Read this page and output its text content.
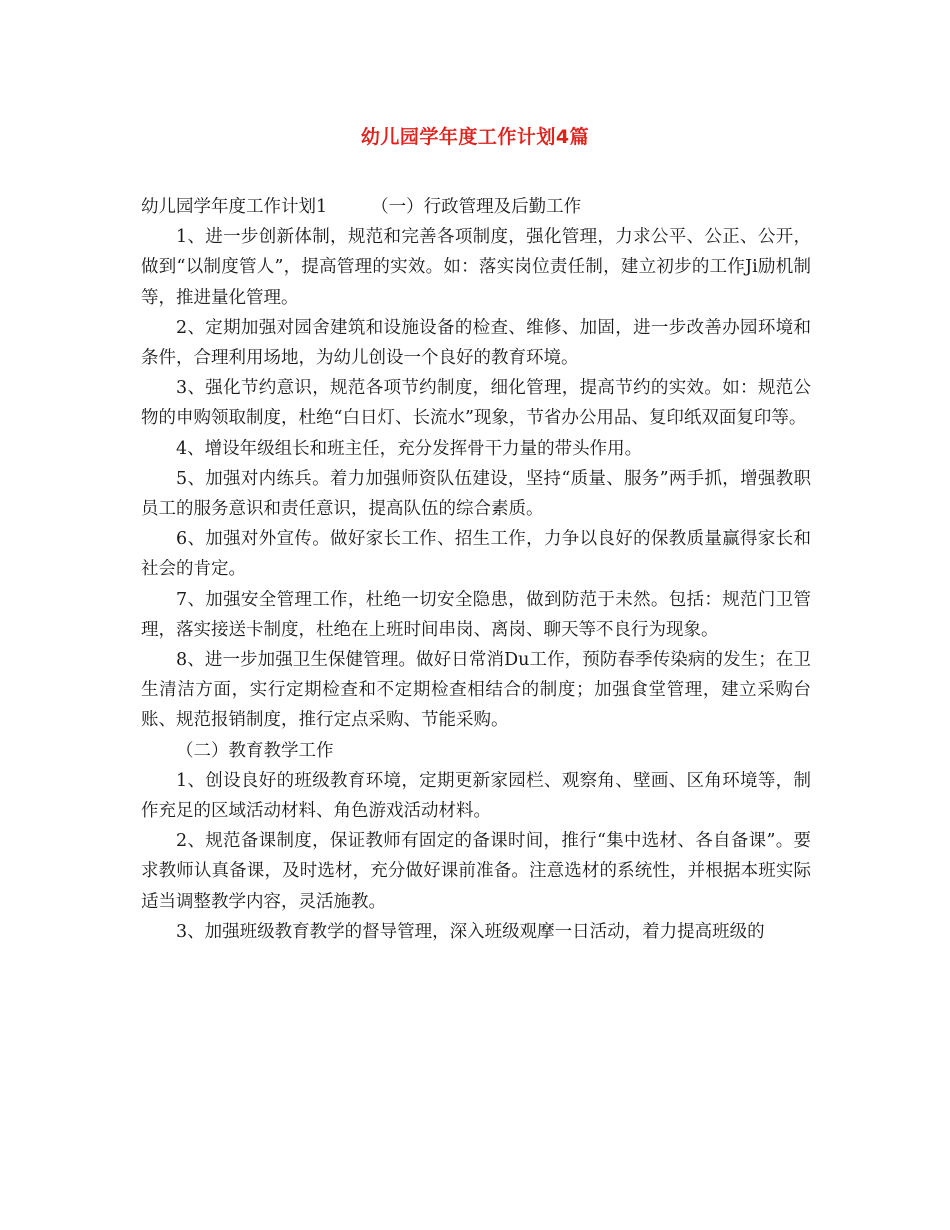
幼儿园学年度工作计划4篇

幼儿园学年度工作计划1	（一）行政管理及后勤工作

1、进一步创新体制，规范和完善各项制度，强化管理，力求公平、公正、公开，做到“以制度管人”，提高管理的实效。如：落实岗位责任制，建立初步的工作Ji励机制等，推进量化管理。

2、定期加强对园舍建筑和设施设备的检查、维修、加固，进一步改善办园环境和条件，合理利用场地，为幼儿创设一个良好的教育环境。

3、强化节约意识，规范各项节约制度，细化管理，提高节约的实效。如：规范公物的申购领取制度，杜绝“白日灯、长流水”现象，节省办公用品、复印纸双面复印等。

4、增设年级组长和班主任，充分发挥骨干力量的带头作用。

5、加强对内练兵。着力加强师资队伍建设，坚持“质量、服务”两手抓，增强教职员工的服务意识和责任意识，提高队伍的综合素质。

6、加强对外宣传。做好家长工作、招生工作，力争以良好的保教质量赢得家长和社会的肯定。

7、加强安全管理工作，杜绝一切安全隐患，做到防范于未然。包括：规范门卫管理，落实接送卡制度，杜绝在上班时间串岗、离岗、聊天等不良行为现象。

8、进一步加强卫生保健管理。做好日常消Du工作，预防春季传染病的发生；在卫生清洁方面，实行定期检查和不定期检查相结合的制度；加强食堂管理，建立采购台账、规范报销制度，推行定点采购、节能采购。

（二）教育教学工作

1、创设良好的班级教育环境，定期更新家园栏、观察角、壁画、区角环境等，制作充足的区域活动材料、角色游戏活动材料。

2、规范备课制度，保证教师有固定的备课时间，推行“集中选材、各自备课”。要求教师认真备课，及时选材，充分做好课前准备。注意选材的系统性，并根据本班实际适当调整教学内容，灵活施教。

3、加强班级教育教学的督导管理，深入班级观摩一日活动，着力提高班级的
